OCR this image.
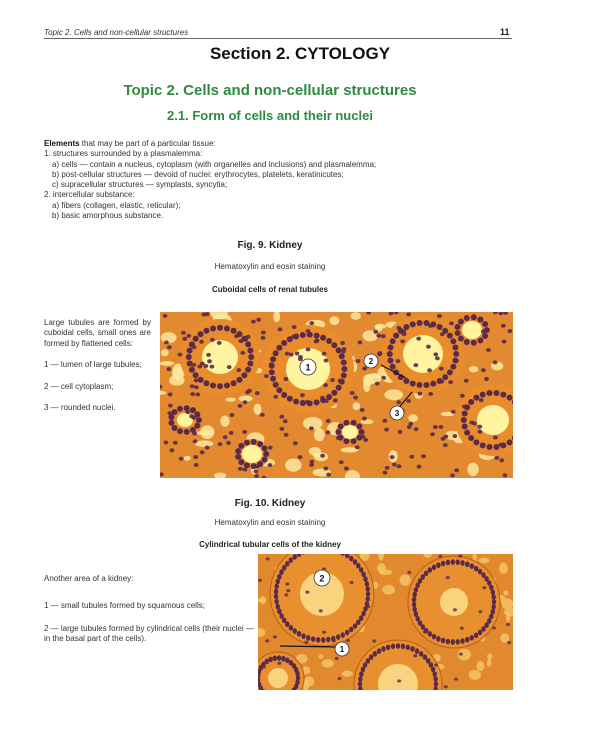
Topic 2. Cells and non-cellular structures	11
Section 2. CYTOLOGY
Topic 2. Cells and non-cellular structures
2.1. Form of cells and their nuclei
Elements that may be part of a particular tissue:
1. structures surrounded by a plasmalemma:
a) cells — contain a nucleus, cytoplasm (with organelles and inclusions) and plasmalemma;
b) post-cellular structures — devoid of nuclei: erythrocytes, platelets, keratinicutes;
c) supracellular structures — symplasts, syncytia;
2. intercellular substance:
a) fibers (collagen, elastic, reticular);
b) basic amorphous substance.
Fig. 9. Kidney
Hematoxylin and eosin staining
Cuboidal cells of renal tubules

Large tubules are formed by cuboidal cells, small ones are formed by flattened cells:

1 — lumen of large tubules;

2 — cell cytoplasm;

3 — rounded nuclei.

1
2
3
Fig. 10. Kidney
Hematoxylin and eosin staining
Cylindrical tubular cells of the kidney

Another area of a kidney:

1 — small tubules formed by squamous cells;

2 — large tubules formed by cylindrical cells (their nuclei — in the basal part of the cells).

2
1
